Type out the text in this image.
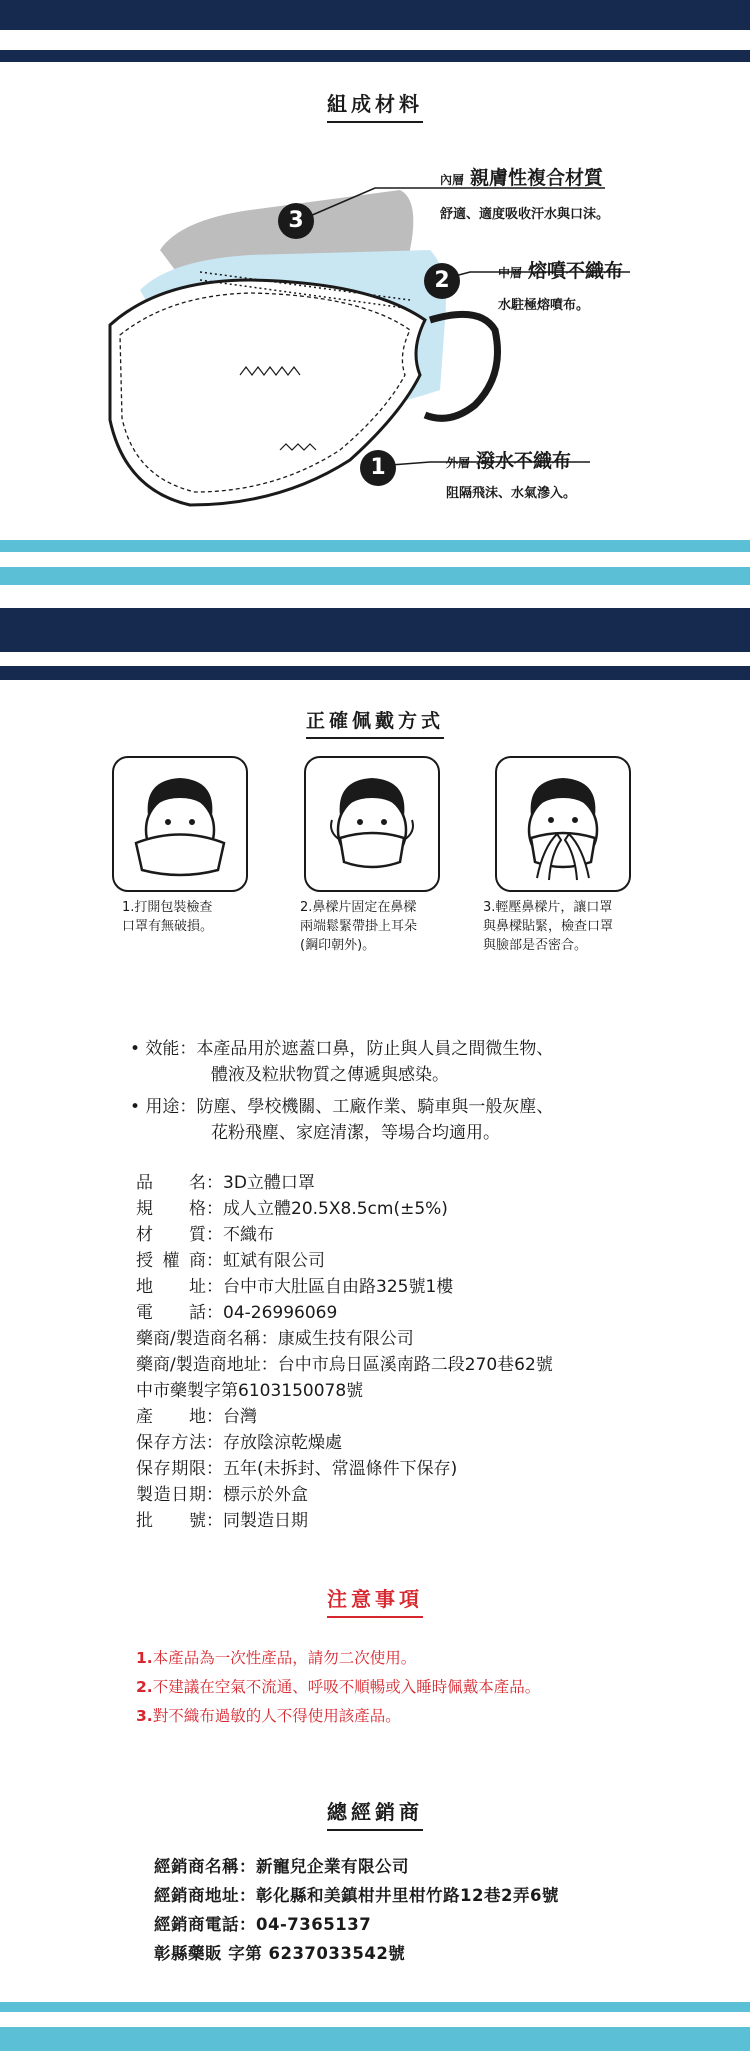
組成材料
3
2
1
內層 親膚性複合材質
舒適、適度吸收汗水與口沫。
中層 熔噴不織布
水駐極熔噴布。
外層 潑水不織布
阻隔飛沫、水氣滲入。
正確佩戴方式
1.打開包裝檢查
口罩有無破損。
2.鼻樑片固定在鼻樑
兩端鬆緊帶掛上耳朵
(鋼印朝外)。
3.輕壓鼻樑片，讓口罩
與鼻樑貼緊，檢查口罩
與臉部是否密合。
• 效能：本產品用於遮蓋口鼻，防止與人員之間微生物、
體液及粒狀物質之傳遞與感染。
• 用途：防塵、學校機關、工廠作業、騎車與一般灰塵、
花粉飛塵、家庭清潔，等場合均適用。
品名 ：3D立體口罩
規格 ：成人立體20.5X8.5cm(±5%)
材質 ：不織布
授權商 ：虹斌有限公司
地址 ：台中市大肚區自由路325號1樓
電話 ：04-26996069
藥商/製造商名稱 ：康威生技有限公司
藥商/製造商地址 ：台中市烏日區溪南路二段270巷62號
中市藥製字第6103150078號
產地 ：台灣
保存方法 ：存放陰涼乾燥處
保存期限 ：五年(未拆封、常溫條件下保存)
製造日期 ：標示於外盒
批號 ：同製造日期
注意事項
1.本產品為一次性產品，請勿二次使用。
2.不建議在空氣不流通、呼吸不順暢或入睡時佩戴本產品。
3.對不織布過敏的人不得使用該產品。
總經銷商
經銷商名稱：新寵兒企業有限公司
經銷商地址：彰化縣和美鎮柑井里柑竹路12巷2弄6號
經銷商電話：04-7365137
彰縣藥販 字第 6237033542號
